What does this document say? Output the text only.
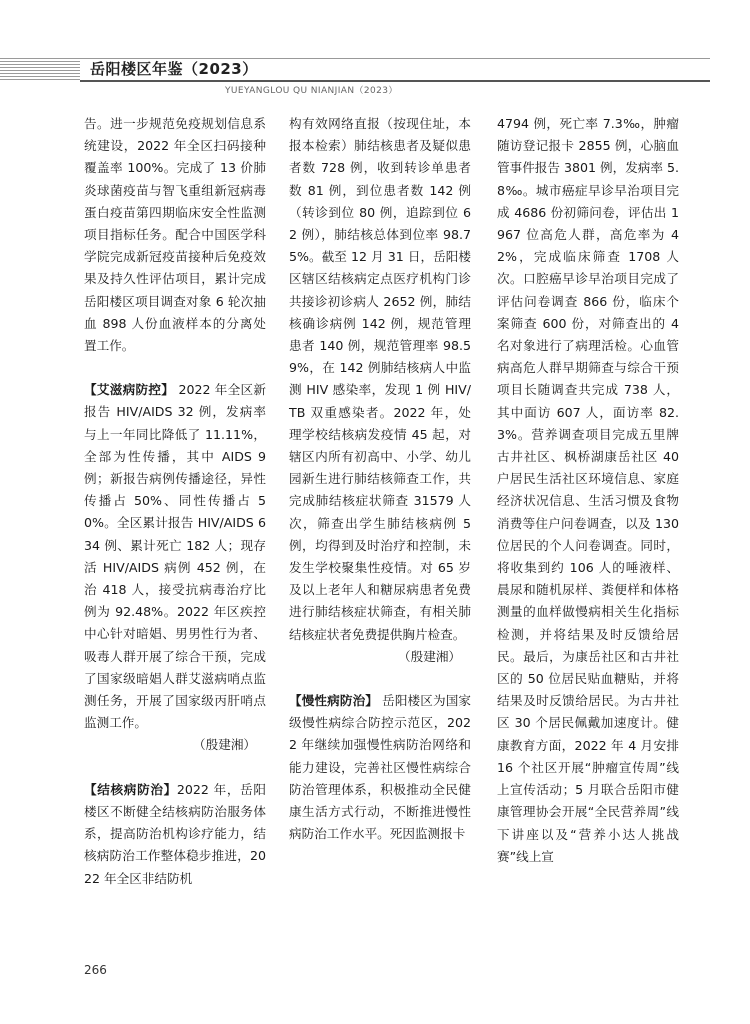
岳阳楼区年鉴（2023）
YUEYANGLOU QU NIANJIAN（2023）

告。进一步规范免疫规划信息系统建设，2022 年全区扫码接种覆盖率 100%。完成了 13 价肺炎球菌疫苗与智飞重组新冠病毒蛋白疫苗第四期临床安全性监测项目指标任务。配合中国医学科学院完成新冠疫苗接种后免疫效果及持久性评估项目，累计完成岳阳楼区项目调查对象 6 轮次抽血 898 人份血液样本的分离处置工作。

【艾滋病防控】 2022 年全区新报告 HIV/AIDS 32 例，发病率与上一年同比降低了 11.11%，全部为性传播，其中 AIDS 9 例；新报告病例传播途径，异性传播占 50%、同性传播占 50%。全区累计报告 HIV/AIDS 634 例、累计死亡 182 人；现存活 HIV/AIDS 病例 452 例，在治 418 人，接受抗病毒治疗比例为 92.48%。2022 年区疾控中心针对暗娼、男男性行为者、吸毒人群开展了综合干预，完成了国家级暗娼人群艾滋病哨点监测任务，开展了国家级丙肝哨点监测工作。

（殷建湘）

【结核病防治】2022 年，岳阳楼区不断健全结核病防治服务体系，提高防治机构诊疗能力，结核病防治工作整体稳步推进，2022 年全区非结防机

构有效网络直报（按现住址，本报本检索）肺结核患者及疑似患者数 728 例，收到转诊单患者数 81 例，到位患者数 142 例（转诊到位 80 例，追踪到位 62 例），肺结核总体到位率 98.75%。截至 12 月 31 日，岳阳楼区辖区结核病定点医疗机构门诊共接诊初诊病人 2652 例，肺结核确诊病例 142 例，规范管理患者 140 例，规范管理率 98.59%，在 142 例肺结核病人中监测 HIV 感染率，发现 1 例 HIV/TB 双重感染者。2022 年，处理学校结核病发疫情 45 起，对辖区内所有初高中、小学、幼儿园新生进行肺结核筛查工作，共完成肺结核症状筛查 31579 人次，筛查出学生肺结核病例 5 例，均得到及时治疗和控制，未发生学校聚集性疫情。对 65 岁及以上老年人和糖尿病患者免费进行肺结核症状筛查，有相关肺结核症状者免费提供胸片检查。

（殷建湘）

【慢性病防治】 岳阳楼区为国家级慢性病综合防控示范区，2022 年继续加强慢性病防治网络和能力建设，完善社区慢性病综合防治管理体系，积极推动全民健康生活方式行动，不断推进慢性病防治工作水平。死因监测报卡

4794 例，死亡率 7.3‰，肿瘤随访登记报卡 2855 例，心脑血管事件报告 3801 例，发病率 5.8‰。城市癌症早诊早治项目完成 4686 份初筛问卷，评估出 1967 位高危人群，高危率为 42%，完成临床筛查 1708 人次。口腔癌早诊早治项目完成了评估问卷调查 866 份，临床个案筛查 600 份，对筛查出的 4 名对象进行了病理活检。心血管病高危人群早期筛查与综合干预项目长随调查共完成 738 人，其中面访 607 人，面访率 82.3%。营养调查项目完成五里牌古井社区、枫桥湖康岳社区 40 户居民生活社区环境信息、家庭经济状况信息、生活习惯及食物消费等住户问卷调查，以及 130 位居民的个人问卷调查。同时，将收集到约 106 人的唾液样、晨尿和随机尿样、粪便样和体格测量的血样做慢病相关生化指标检测，并将结果及时反馈给居民。最后，为康岳社区和古井社区的 50 位居民贴血糖贴，并将结果及时反馈给居民。为古井社区 30 个居民佩戴加速度计。健康教育方面，2022 年 4 月安排 16 个社区开展“肿瘤宣传周”线上宣传活动；5 月联合岳阳市健康管理协会开展“全民营养周”线下讲座以及“营养小达人挑战赛”线上宣

266
